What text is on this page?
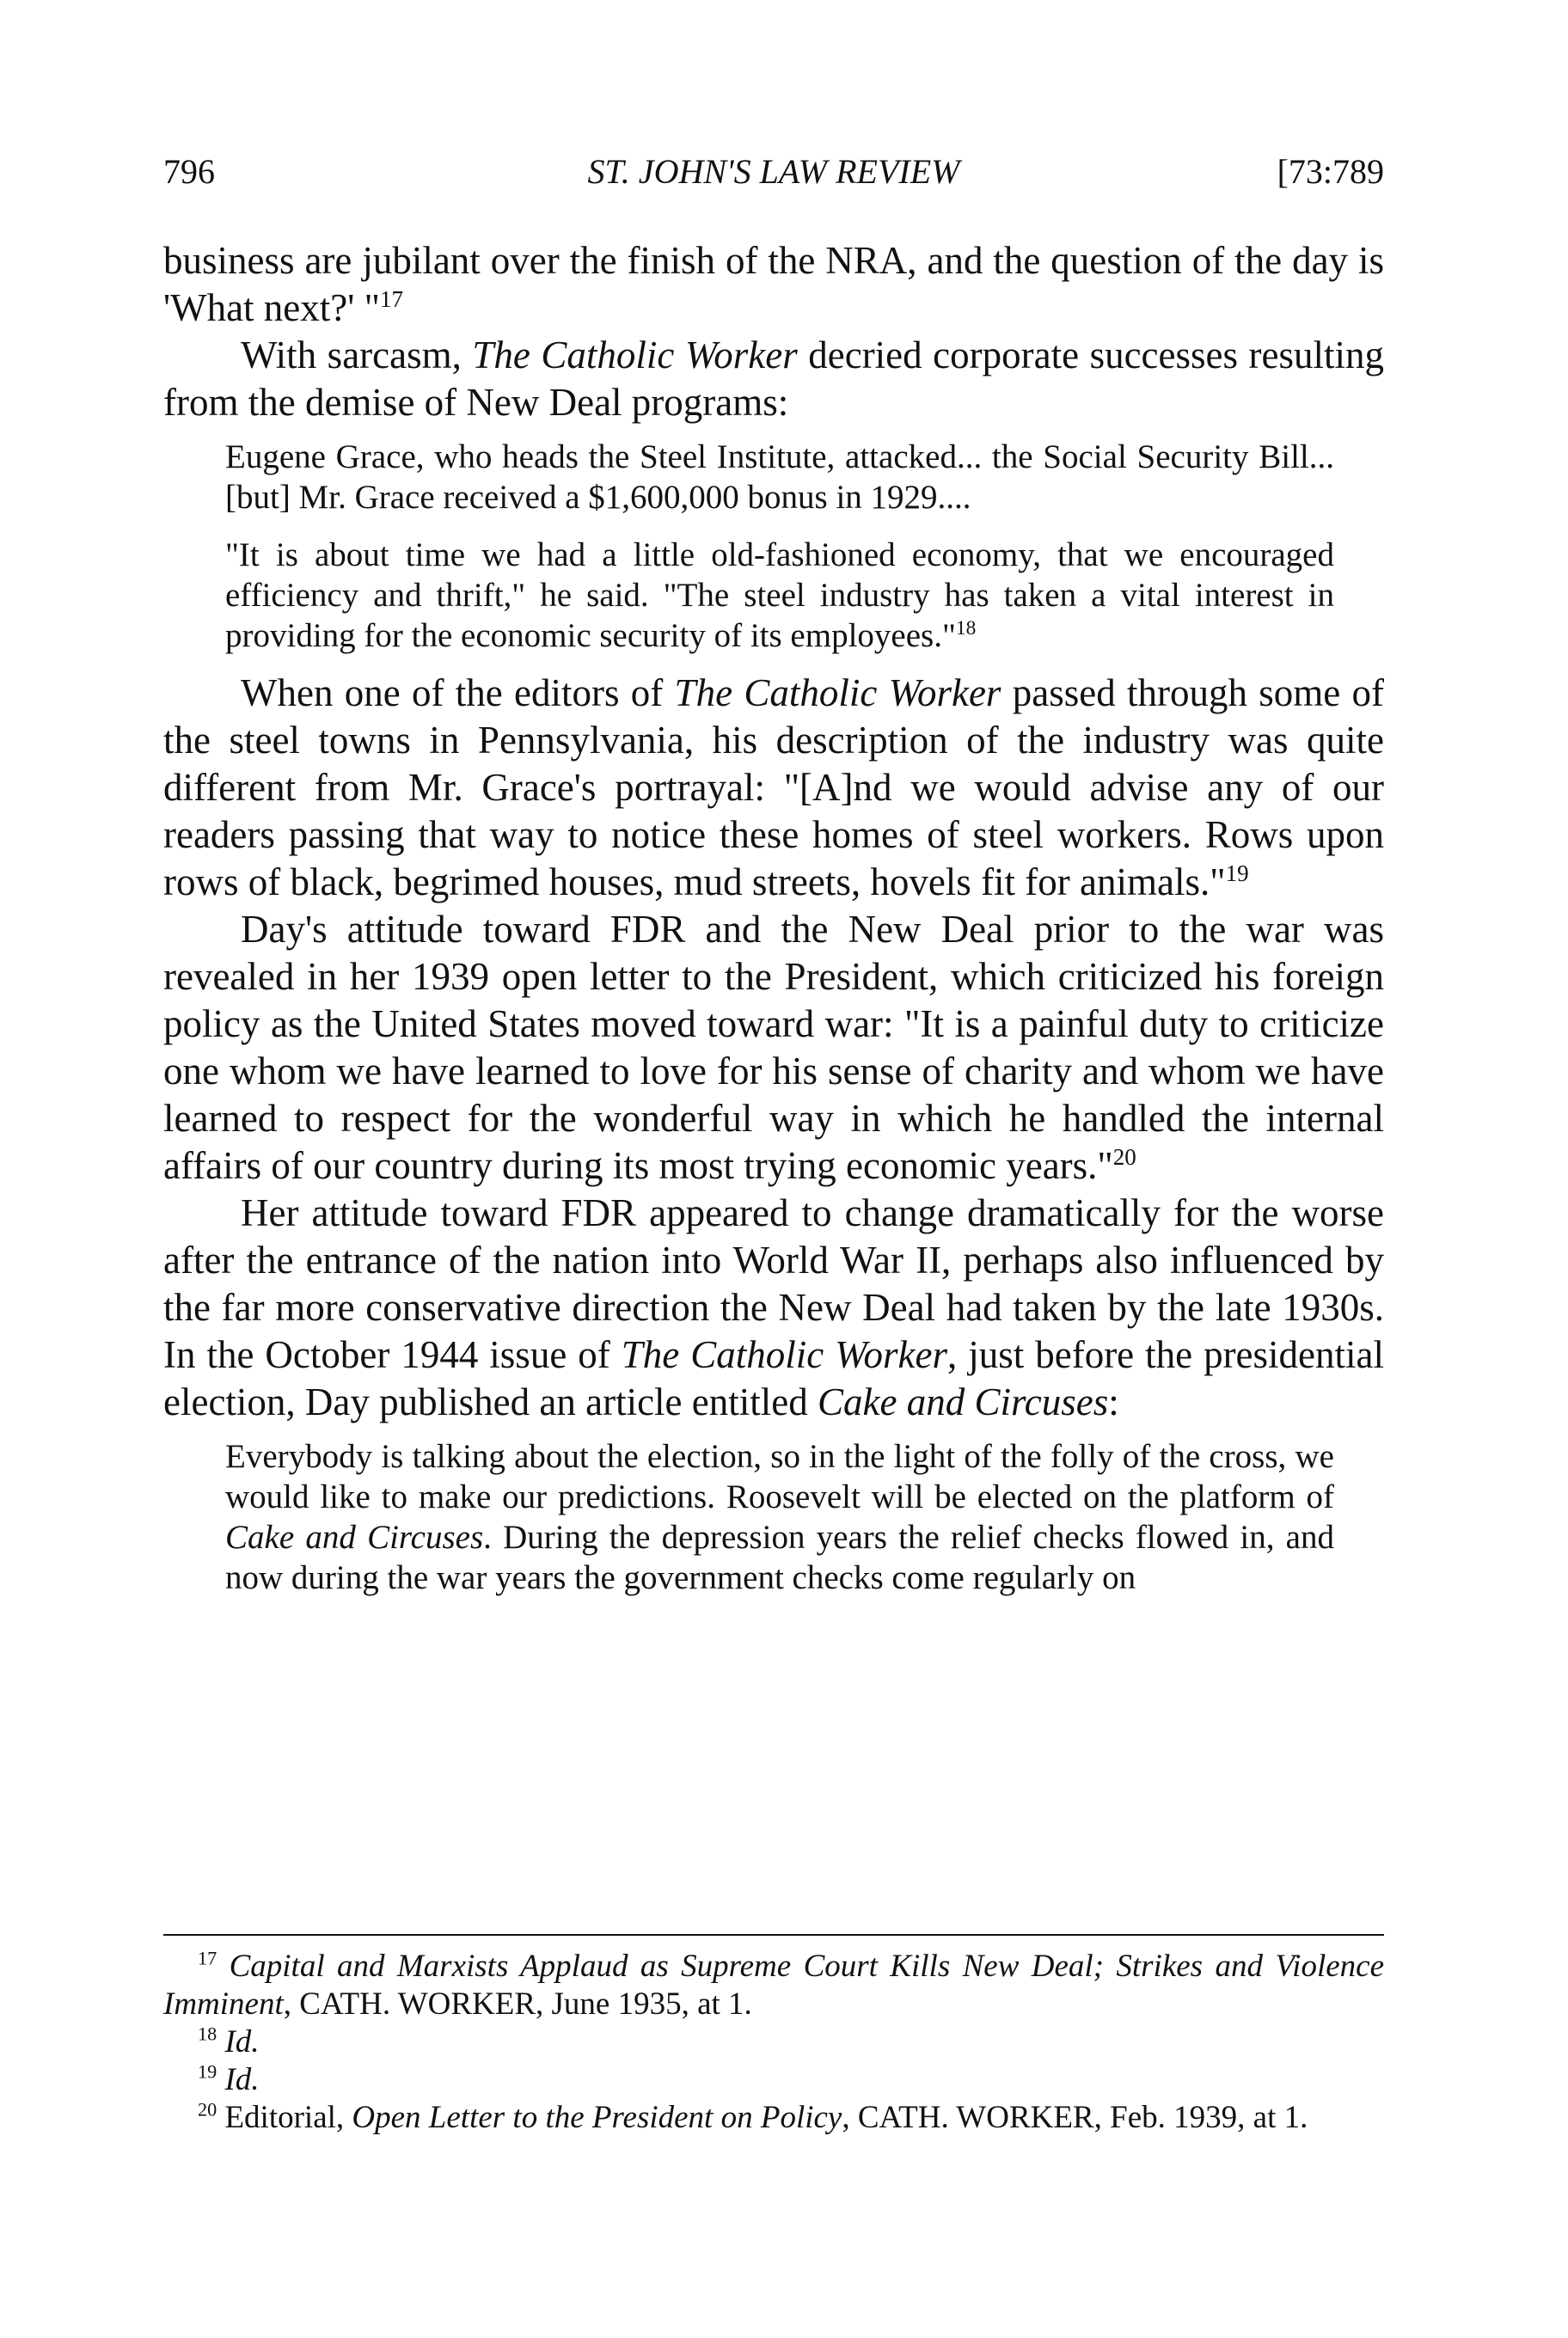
796	ST. JOHN'S LAW REVIEW	[73:789

business are jubilant over the finish of the NRA, and the question of the day is 'What next?' "$^{17}$

With sarcasm, The Catholic Worker decried corporate successes resulting from the demise of New Deal programs:

Eugene Grace, who heads the Steel Institute, attacked... the Social Security Bill... [but] Mr. Grace received a $1,600,000 bonus in 1929....

"It is about time we had a little old-fashioned economy, that we encouraged efficiency and thrift," he said. "The steel industry has taken a vital interest in providing for the economic security of its employees."$^{18}$

When one of the editors of The Catholic Worker passed through some of the steel towns in Pennsylvania, his description of the industry was quite different from Mr. Grace's portrayal: "[A]nd we would advise any of our readers passing that way to notice these homes of steel workers. Rows upon rows of black, begrimed houses, mud streets, hovels fit for animals."$^{19}$

Day's attitude toward FDR and the New Deal prior to the war was revealed in her 1939 open letter to the President, which criticized his foreign policy as the United States moved toward war: "It is a painful duty to criticize one whom we have learned to love for his sense of charity and whom we have learned to respect for the wonderful way in which he handled the internal affairs of our country during its most trying economic years."$^{20}$

Her attitude toward FDR appeared to change dramatically for the worse after the entrance of the nation into World War II, perhaps also influenced by the far more conservative direction the New Deal had taken by the late 1930s. In the October 1944 issue of The Catholic Worker, just before the presidential election, Day published an article entitled Cake and Circuses:

Everybody is talking about the election, so in the light of the folly of the cross, we would like to make our predictions. Roosevelt will be elected on the platform of Cake and Circuses. During the depression years the relief checks flowed in, and now during the war years the government checks come regularly on

$^{17}$ Capital and Marxists Applaud as Supreme Court Kills New Deal; Strikes and Violence Imminent, CATH. WORKER, June 1935, at 1.

$^{18}$ Id.

$^{19}$ Id.

$^{20}$ Editorial, Open Letter to the President on Policy, CATH. WORKER, Feb. 1939, at 1.
